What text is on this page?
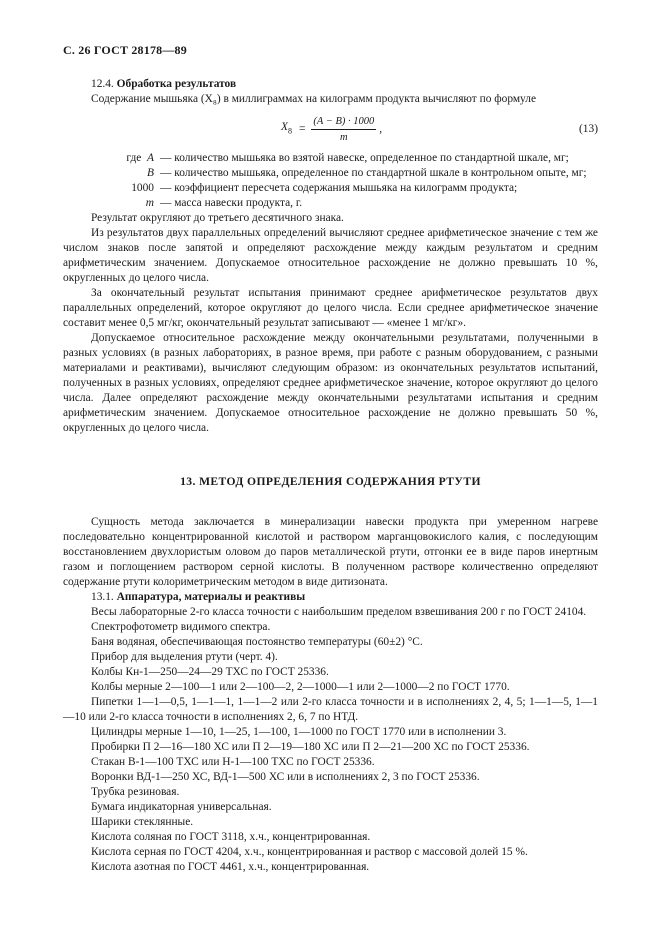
С. 26 ГОСТ 28178—89

12.4. Обработка результатов

Содержание мышьяка (X₈) в миллиграммах на килограмм продукта вычисляют по формуле

$X_8 = \frac{(A - B) \cdot 1000}{m}$ ,	(13)
где A — количество мышьяка во взятой навеске, определенное по стандартной шкале, мг;
B — количество мышьяка, определенное по стандартной шкале в контрольном опыте, мг;
1000 — коэффициент пересчета содержания мышьяка на килограмм продукта;
m — масса навески продукта, г.

Результат округляют до третьего десятичного знака.

Из результатов двух параллельных определений вычисляют среднее арифметическое значение с тем же числом знаков после запятой и определяют расхождение между каждым результатом и средним арифметическим значением. Допускаемое относительное расхождение не должно превышать 10 %, округленных до целого числа.

За окончательный результат испытания принимают среднее арифметическое результатов двух параллельных определений, которое округляют до целого числа. Если среднее арифметическое значение составит менее 0,5 мг/кг, окончательный результат записывают — «менее 1 мг/кг».

Допускаемое относительное расхождение между окончательными результатами, полученными в разных условиях (в разных лабораториях, в разное время, при работе с разным оборудованием, с разными материалами и реактивами), вычисляют следующим образом: из окончательных результатов испытаний, полученных в разных условиях, определяют среднее арифметическое значение, которое округляют до целого числа. Далее определяют расхождение между окончательными результатами испытания и средним арифметическим значением. Допускаемое относительное расхождение не должно превышать 50 %, округленных до целого числа.

13. МЕТОД ОПРЕДЕЛЕНИЯ СОДЕРЖАНИЯ РТУТИ

Сущность метода заключается в минерализации навески продукта при умеренном нагреве последовательно концентрированной кислотой и раствором марганцовокислого калия, с последующим восстановлением двухлористым оловом до паров металлической ртути, отгонки ее в виде паров инертным газом и поглощением раствором серной кислоты. В полученном растворе количественно определяют содержание ртути колориметрическим методом в виде дитизоната.

13.1. Аппаратура, материалы и реактивы

Весы лабораторные 2-го класса точности с наибольшим пределом взвешивания 200 г по ГОСТ 24104.

Спектрофотометр видимого спектра.

Баня водяная, обеспечивающая постоянство температуры (60±2) °С.

Прибор для выделения ртути (черт. 4).

Колбы Кн-1—250—24—29 ТХС по ГОСТ 25336.

Колбы мерные 2—100—1 или 2—100—2, 2—1000—1 или 2—1000—2 по ГОСТ 1770.

Пипетки 1—1—0,5, 1—1—1, 1—1—2 или 2-го класса точности и в исполнениях 2, 4, 5; 1—1—5, 1—1—10 или 2-го класса точности в исполнениях 2, 6, 7 по НТД.

Цилиндры мерные 1—10, 1—25, 1—100, 1—1000 по ГОСТ 1770 или в исполнении 3.

Пробирки П 2—16—180 ХС или П 2—19—180 ХС или П 2—21—200 ХС по ГОСТ 25336.

Стакан В-1—100 ТХС или Н-1—100 ТХС по ГОСТ 25336.

Воронки ВД-1—250 ХС, ВД-1—500 ХС или в исполнениях 2, 3 по ГОСТ 25336.

Трубка резиновая.

Бумага индикаторная универсальная.

Шарики стеклянные.

Кислота соляная по ГОСТ 3118, х.ч., концентрированная.

Кислота серная по ГОСТ 4204, х.ч., концентрированная и раствор с массовой долей 15 %.

Кислота азотная по ГОСТ 4461, х.ч., концентрированная.
